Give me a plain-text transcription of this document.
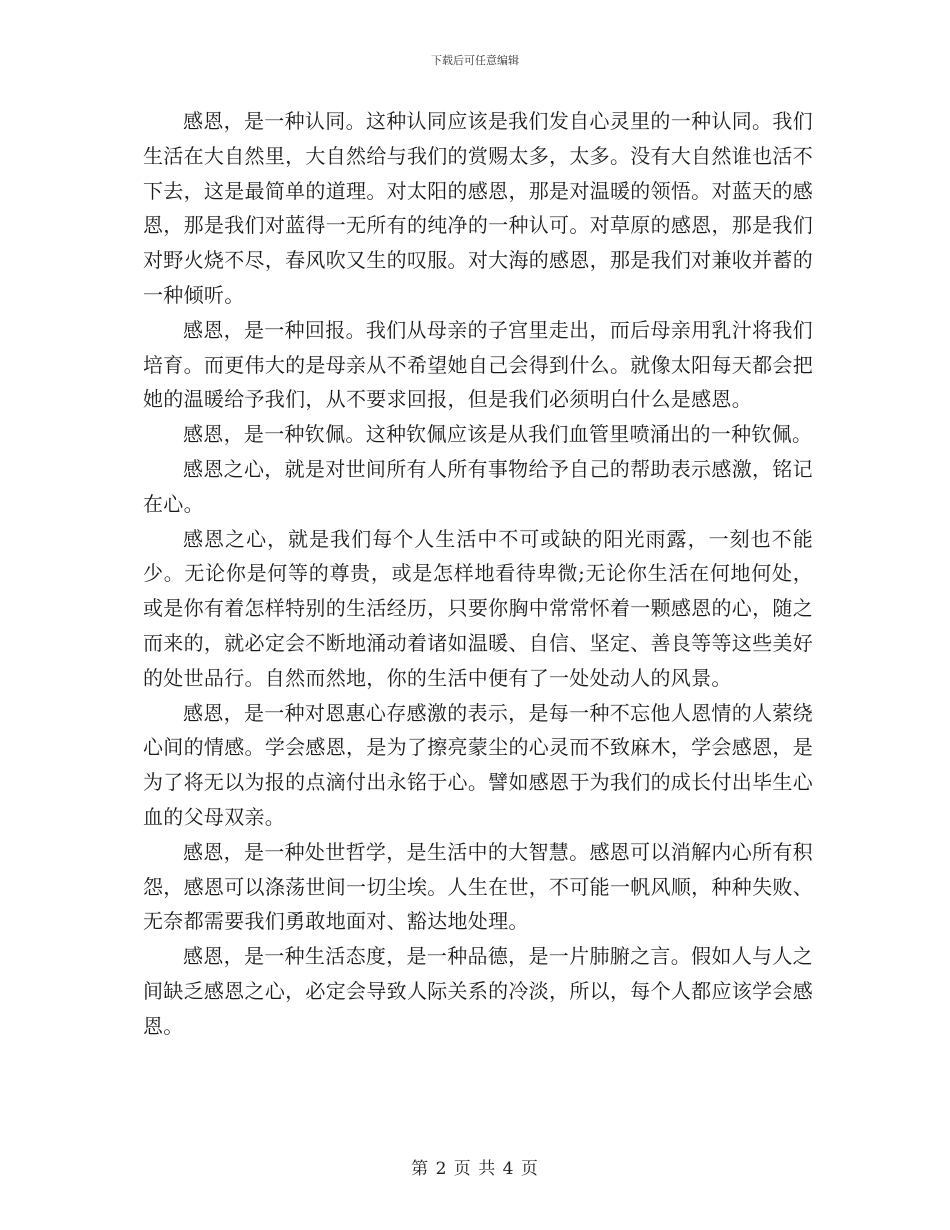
下载后可任意编辑

感恩，是一种认同。这种认同应该是我们发自心灵里的一种认同。我们生活在大自然里，大自然给与我们的赏赐太多，太多。没有大自然谁也活不下去，这是最简单的道理。对太阳的感恩，那是对温暖的领悟。对蓝天的感恩，那是我们对蓝得一无所有的纯净的一种认可。对草原的感恩，那是我们对野火烧不尽，春风吹又生的叹服。对大海的感恩，那是我们对兼收并蓄的一种倾听。

感恩，是一种回报。我们从母亲的子宫里走出，而后母亲用乳汁将我们培育。而更伟大的是母亲从不希望她自己会得到什么。就像太阳每天都会把她的温暖给予我们，从不要求回报，但是我们必须明白什么是感恩。

感恩，是一种钦佩。这种钦佩应该是从我们血管里喷涌出的一种钦佩。

感恩之心，就是对世间所有人所有事物给予自己的帮助表示感激，铭记在心。

感恩之心，就是我们每个人生活中不可或缺的阳光雨露，一刻也不能少。无论你是何等的尊贵，或是怎样地看待卑微;无论你生活在何地何处，或是你有着怎样特别的生活经历，只要你胸中常常怀着一颗感恩的心，随之而来的，就必定会不断地涌动着诸如温暖、自信、坚定、善良等等这些美好的处世品行。自然而然地，你的生活中便有了一处处动人的风景。

感恩，是一种对恩惠心存感激的表示，是每一种不忘他人恩情的人萦绕心间的情感。学会感恩，是为了擦亮蒙尘的心灵而不致麻木，学会感恩，是为了将无以为报的点滴付出永铭于心。譬如感恩于为我们的成长付出毕生心血的父母双亲。

感恩，是一种处世哲学，是生活中的大智慧。感恩可以消解内心所有积怨，感恩可以涤荡世间一切尘埃。人生在世，不可能一帆风顺，种种失败、无奈都需要我们勇敢地面对、豁达地处理。

感恩，是一种生活态度，是一种品德，是一片肺腑之言。假如人与人之间缺乏感恩之心，必定会导致人际关系的冷淡，所以，每个人都应该学会感恩。

第 2 页 共 4 页
